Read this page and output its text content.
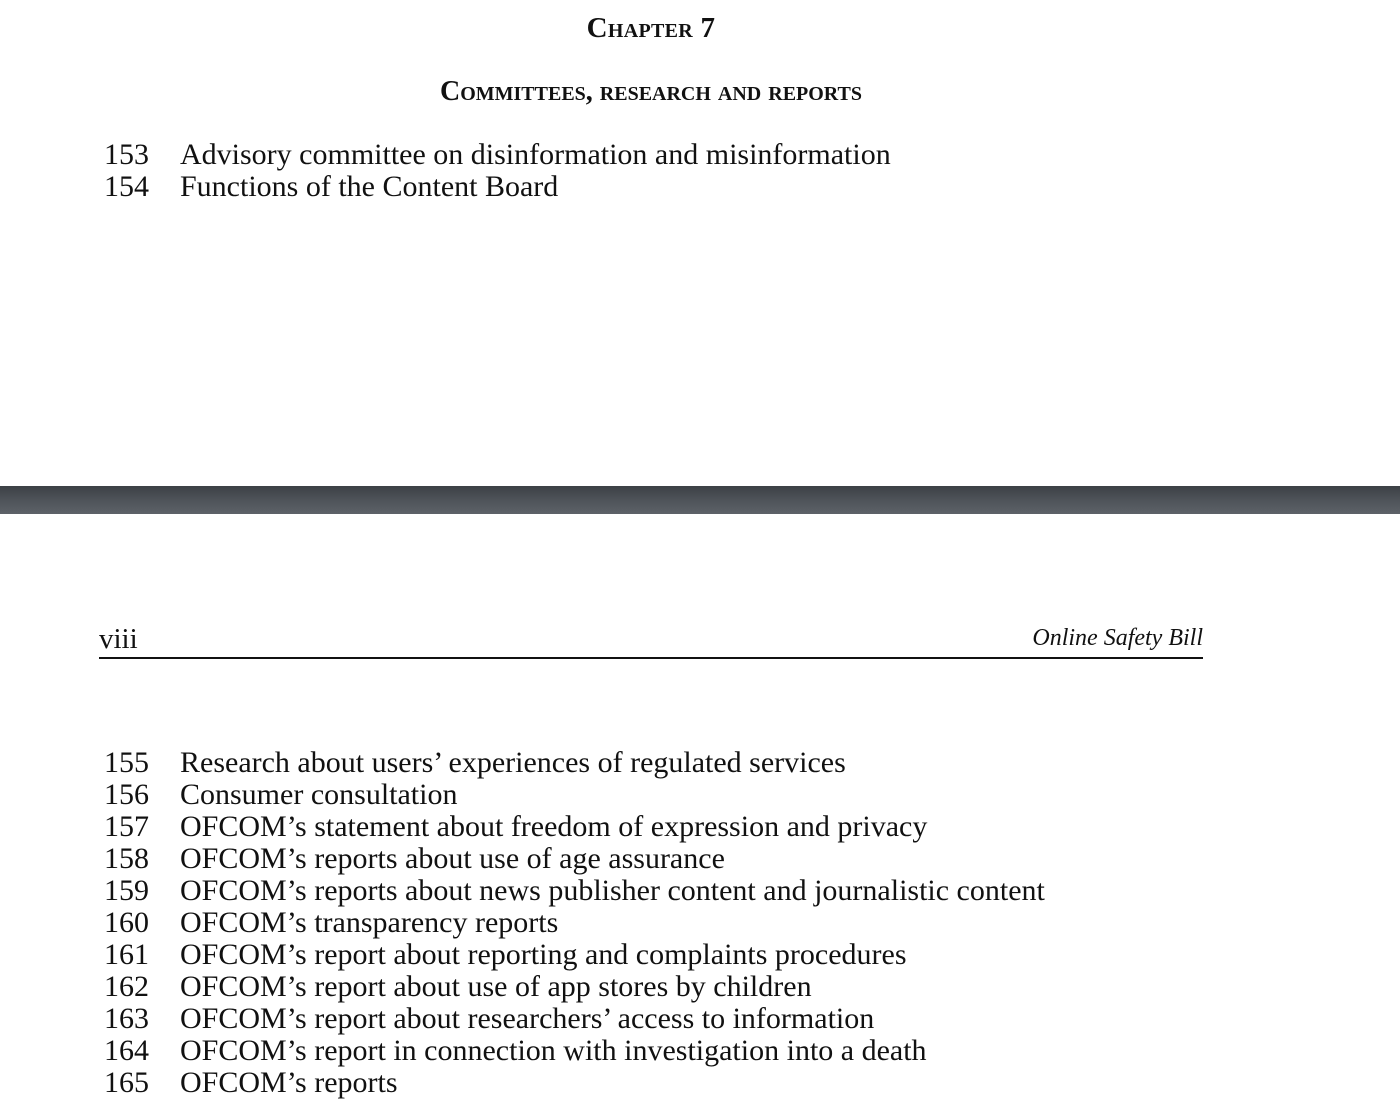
Chapter 7
Committees, research and reports
153 Advisory committee on disinformation and misinformation
154 Functions of the Content Board
viii	Online Safety Bill
155 Research about users’ experiences of regulated services
156 Consumer consultation
157 OFCOM’s statement about freedom of expression and privacy
158 OFCOM’s reports about use of age assurance
159 OFCOM’s reports about news publisher content and journalistic content
160 OFCOM’s transparency reports
161 OFCOM’s report about reporting and complaints procedures
162 OFCOM’s report about use of app stores by children
163 OFCOM’s report about researchers’ access to information
164 OFCOM’s report in connection with investigation into a death
165 OFCOM’s reports
